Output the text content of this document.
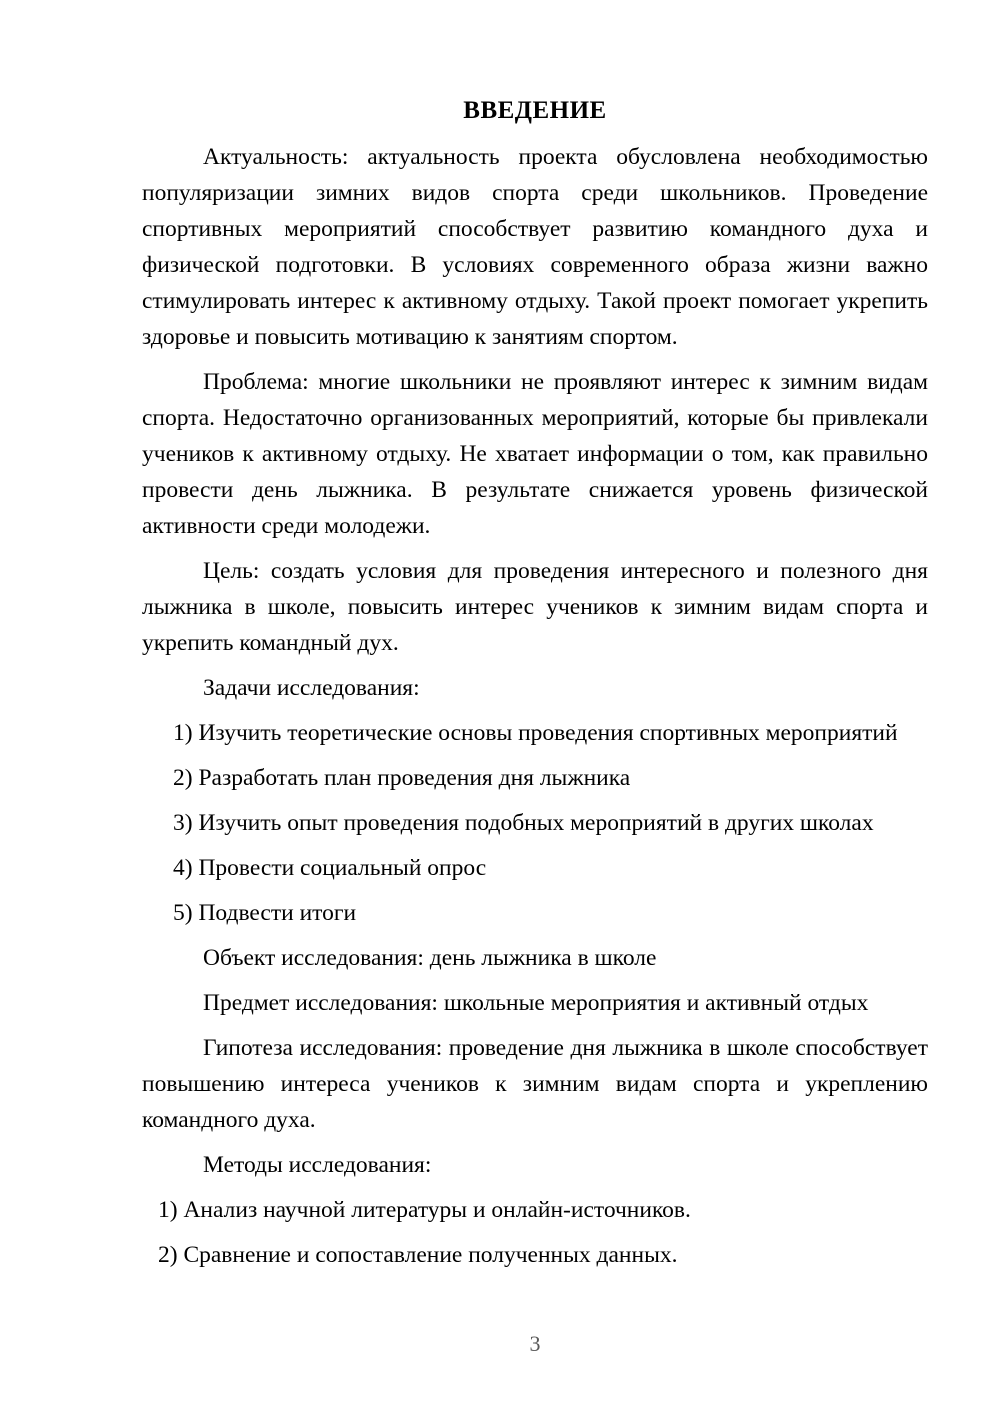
ВВЕДЕНИЕ

Актуальность: актуальность проекта обусловлена необходимостью популяризации зимних видов спорта среди школьников. Проведение спортивных мероприятий способствует развитию командного духа и физической подготовки. В условиях современного образа жизни важно стимулировать интерес к активному отдыху. Такой проект помогает укрепить здоровье и повысить мотивацию к занятиям спортом.

Проблема: многие школьники не проявляют интерес к зимним видам спорта. Недостаточно организованных мероприятий, которые бы привлекали учеников к активному отдыху. Не хватает информации о том, как правильно провести день лыжника. В результате снижается уровень физической активности среди молодежи.

Цель: создать условия для проведения интересного и полезного дня лыжника в школе, повысить интерес учеников к зимним видам спорта и укрепить командный дух.

Задачи исследования:

1) Изучить теоретические основы проведения спортивных мероприятий

2) Разработать план проведения дня лыжника

3) Изучить опыт проведения подобных мероприятий в других школах

4) Провести социальный опрос

5) Подвести итоги

Объект исследования: день лыжника в школе

Предмет исследования: школьные мероприятия и активный отдых

Гипотеза исследования: проведение дня лыжника в школе способствует повышению интереса учеников к зимним видам спорта и укреплению командного духа.

Методы исследования:

1) Анализ научной литературы и онлайн-источников.

2) Сравнение и сопоставление полученных данных.

3
